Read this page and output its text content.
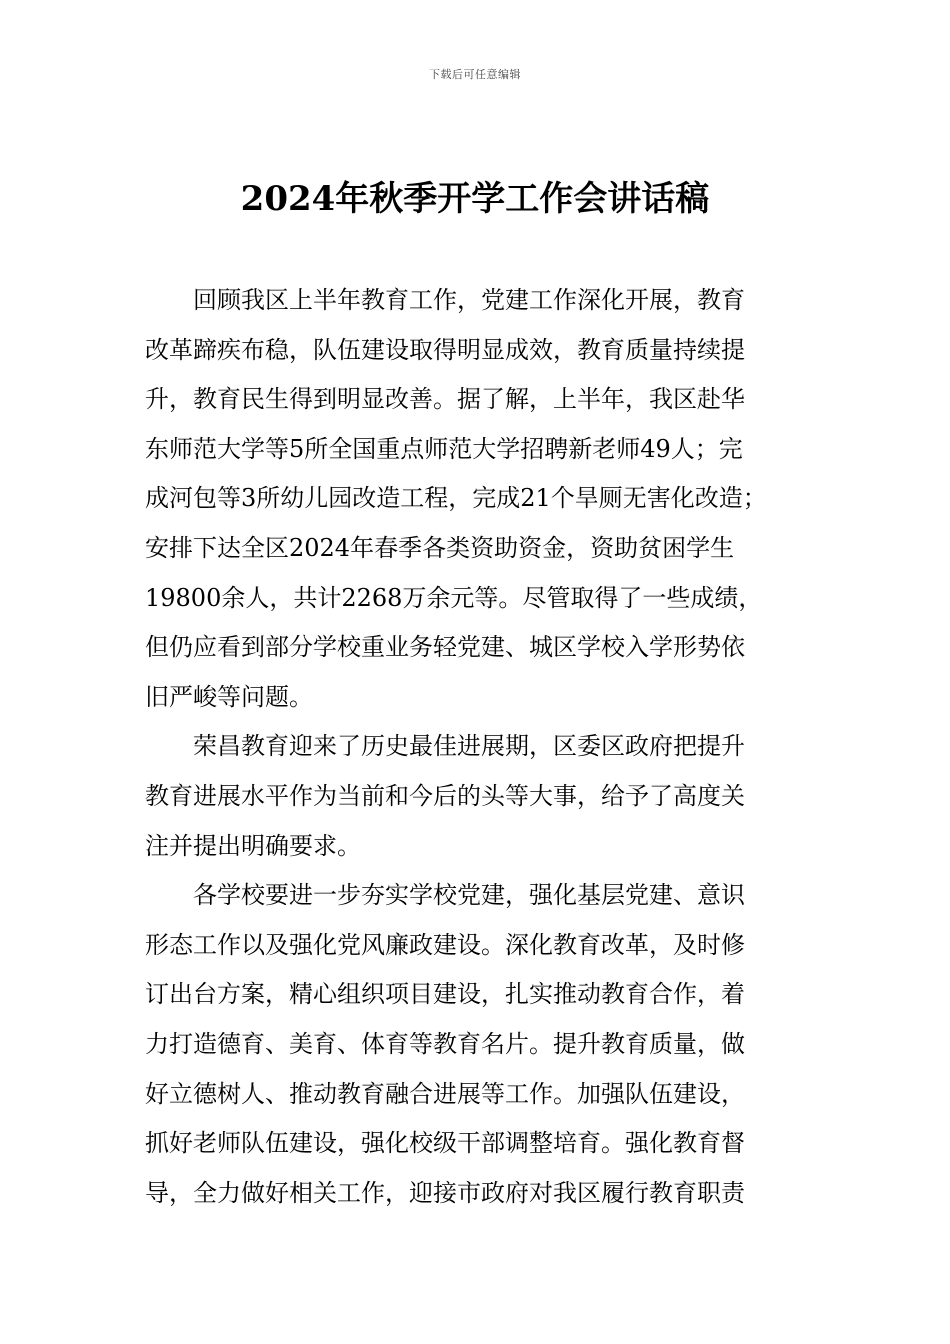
下载后可任意编辑
2024年秋季开学工作会讲话稿

回顾我区上半年教育工作，党建工作深化开展，教育
改革蹄疾布稳，队伍建设取得明显成效，教育质量持续提
升，教育民生得到明显改善。据了解，上半年，我区赴华
东师范大学等5所全国重点师范大学招聘新老师49人；完
成河包等3所幼儿园改造工程，完成21个旱厕无害化改造；
安排下达全区2024年春季各类资助资金，资助贫困学生
19800余人，共计2268万余元等。尽管取得了一些成绩，
但仍应看到部分学校重业务轻党建、城区学校入学形势依
旧严峻等问题。

荣昌教育迎来了历史最佳进展期，区委区政府把提升
教育进展水平作为当前和今后的头等大事，给予了高度关
注并提出明确要求。

各学校要进一步夯实学校党建，强化基层党建、意识
形态工作以及强化党风廉政建设。深化教育改革，及时修
订出台方案，精心组织项目建设，扎实推动教育合作，着
力打造德育、美育、体育等教育名片。提升教育质量，做
好立德树人、推动教育融合进展等工作。加强队伍建设，
抓好老师队伍建设，强化校级干部调整培育。强化教育督
导，全力做好相关工作，迎接市政府对我区履行教育职责
